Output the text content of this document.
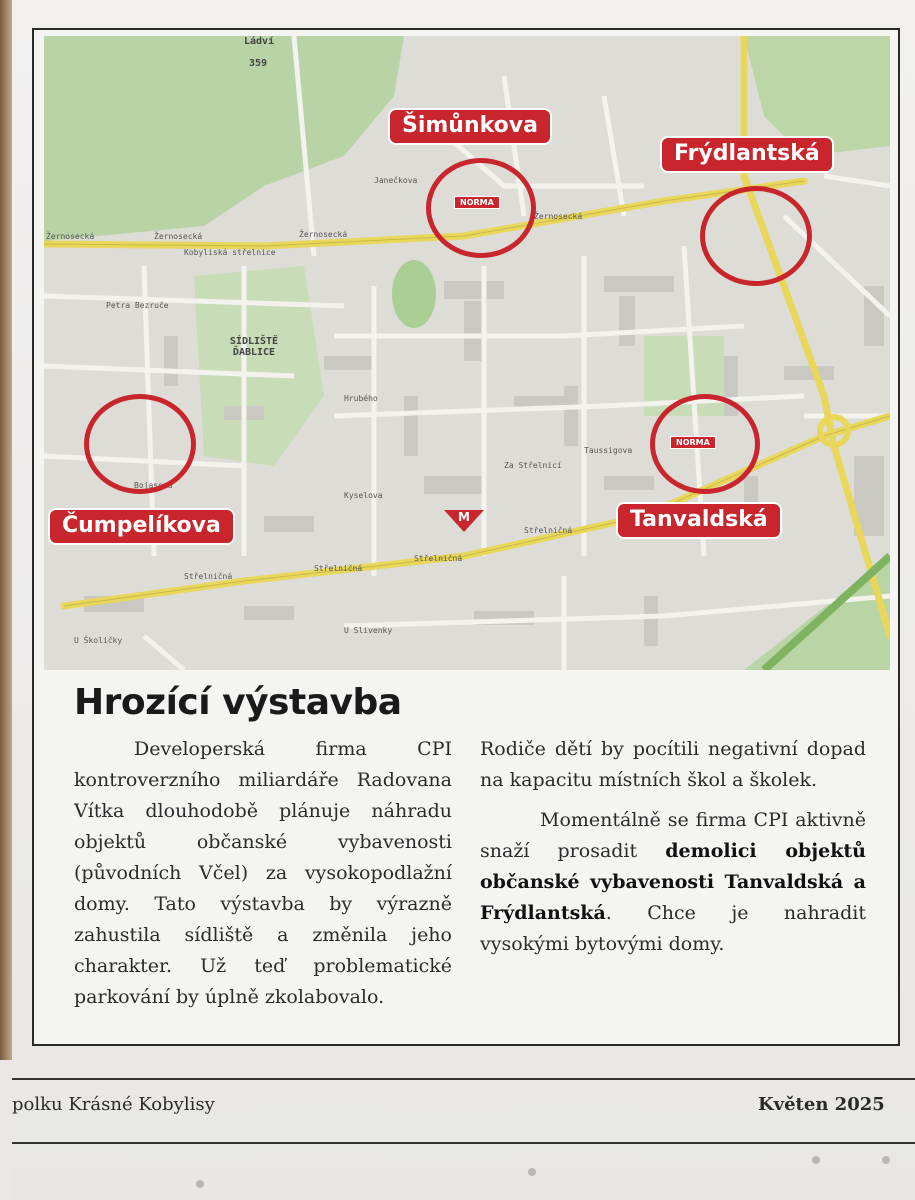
Ládví
359
Žernosecká	Žernosecká	Žernosecká
Žernosecká
Kobyliská střelnice
Janečkova
SÍDLIŠTĚ ĎABLICE
Petra Bezruče
Hrubého
Taussigova
Za Střelnicí
Kyselova
Bojasova
Střelničná
Střelničná
Střelničná
Střelničná
U Slivenky
U Školičky
NORMA
NORMA
M
Šimůnkova
Frýdlantská
Čumpelíkova	Tanvaldská
Hrozící výstavba

Developerská firma CPI kontroverzního miliardáře Radovana Vítka dlouhodobě plánuje náhradu objektů občanské vybavenosti (původních Včel) za vysokopodlažní domy. Tato výstavba by výrazně zahustila sídliště a změnila jeho charakter. Už teď problematické parkování by úplně zkolabovalo.

Rodiče dětí by pocítili negativní dopad na kapacitu místních škol a školek.

Momentálně se firma CPI aktivně snaží prosadit demolici objektů občanské vybavenosti Tanvaldská a Frýdlantská. Chce je nahradit vysokými bytovými domy.

polku Krásné Kobylisy	Květen 2025
